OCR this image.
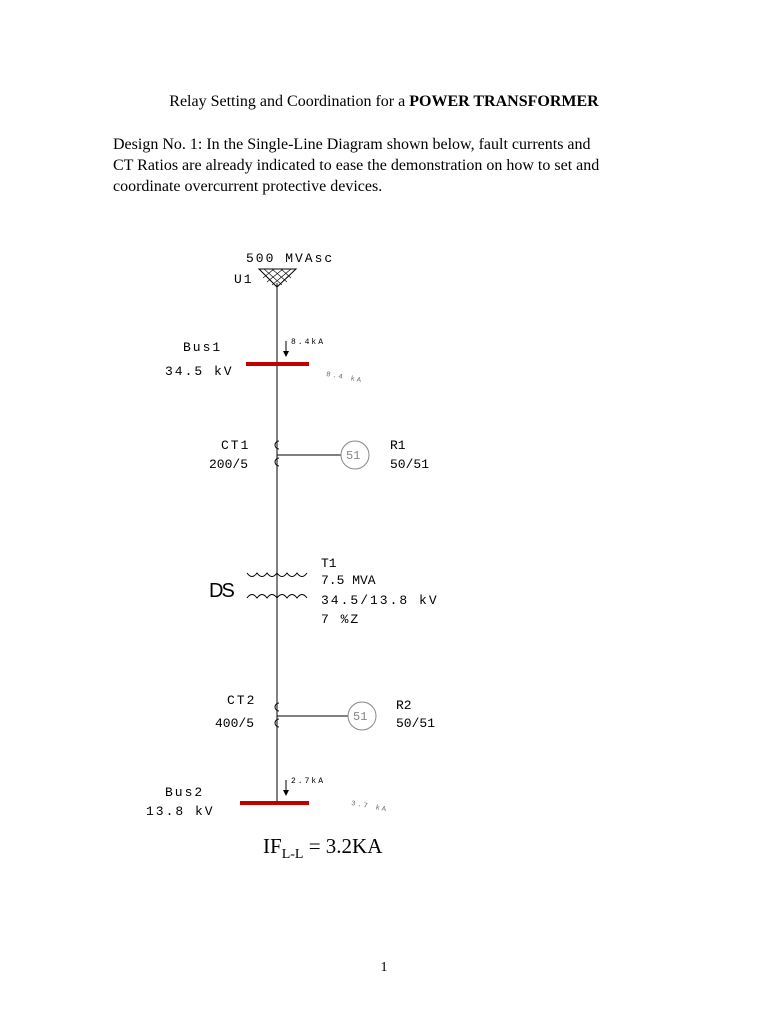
Relay Setting and Coordination for a POWER TRANSFORMER
Design No. 1: In the Single-Line Diagram shown below, fault currents and
CT Ratios are already indicated to ease the demonstration on how to set and
coordinate overcurrent protective devices.
500 MVAsc
U1
Bus1
34.5 kV
8.4kA
8.4 kA
CT1
200/5
51
R1
50/51
DS
T1
7.5 MVA
34.5/13.8 kV
7 %Z
CT2
400/5	51
R2
50/51
Bus2
13.8 kV
2.7kA
3.7 kA
$IF_{L-L} = 3.2KA$
1
